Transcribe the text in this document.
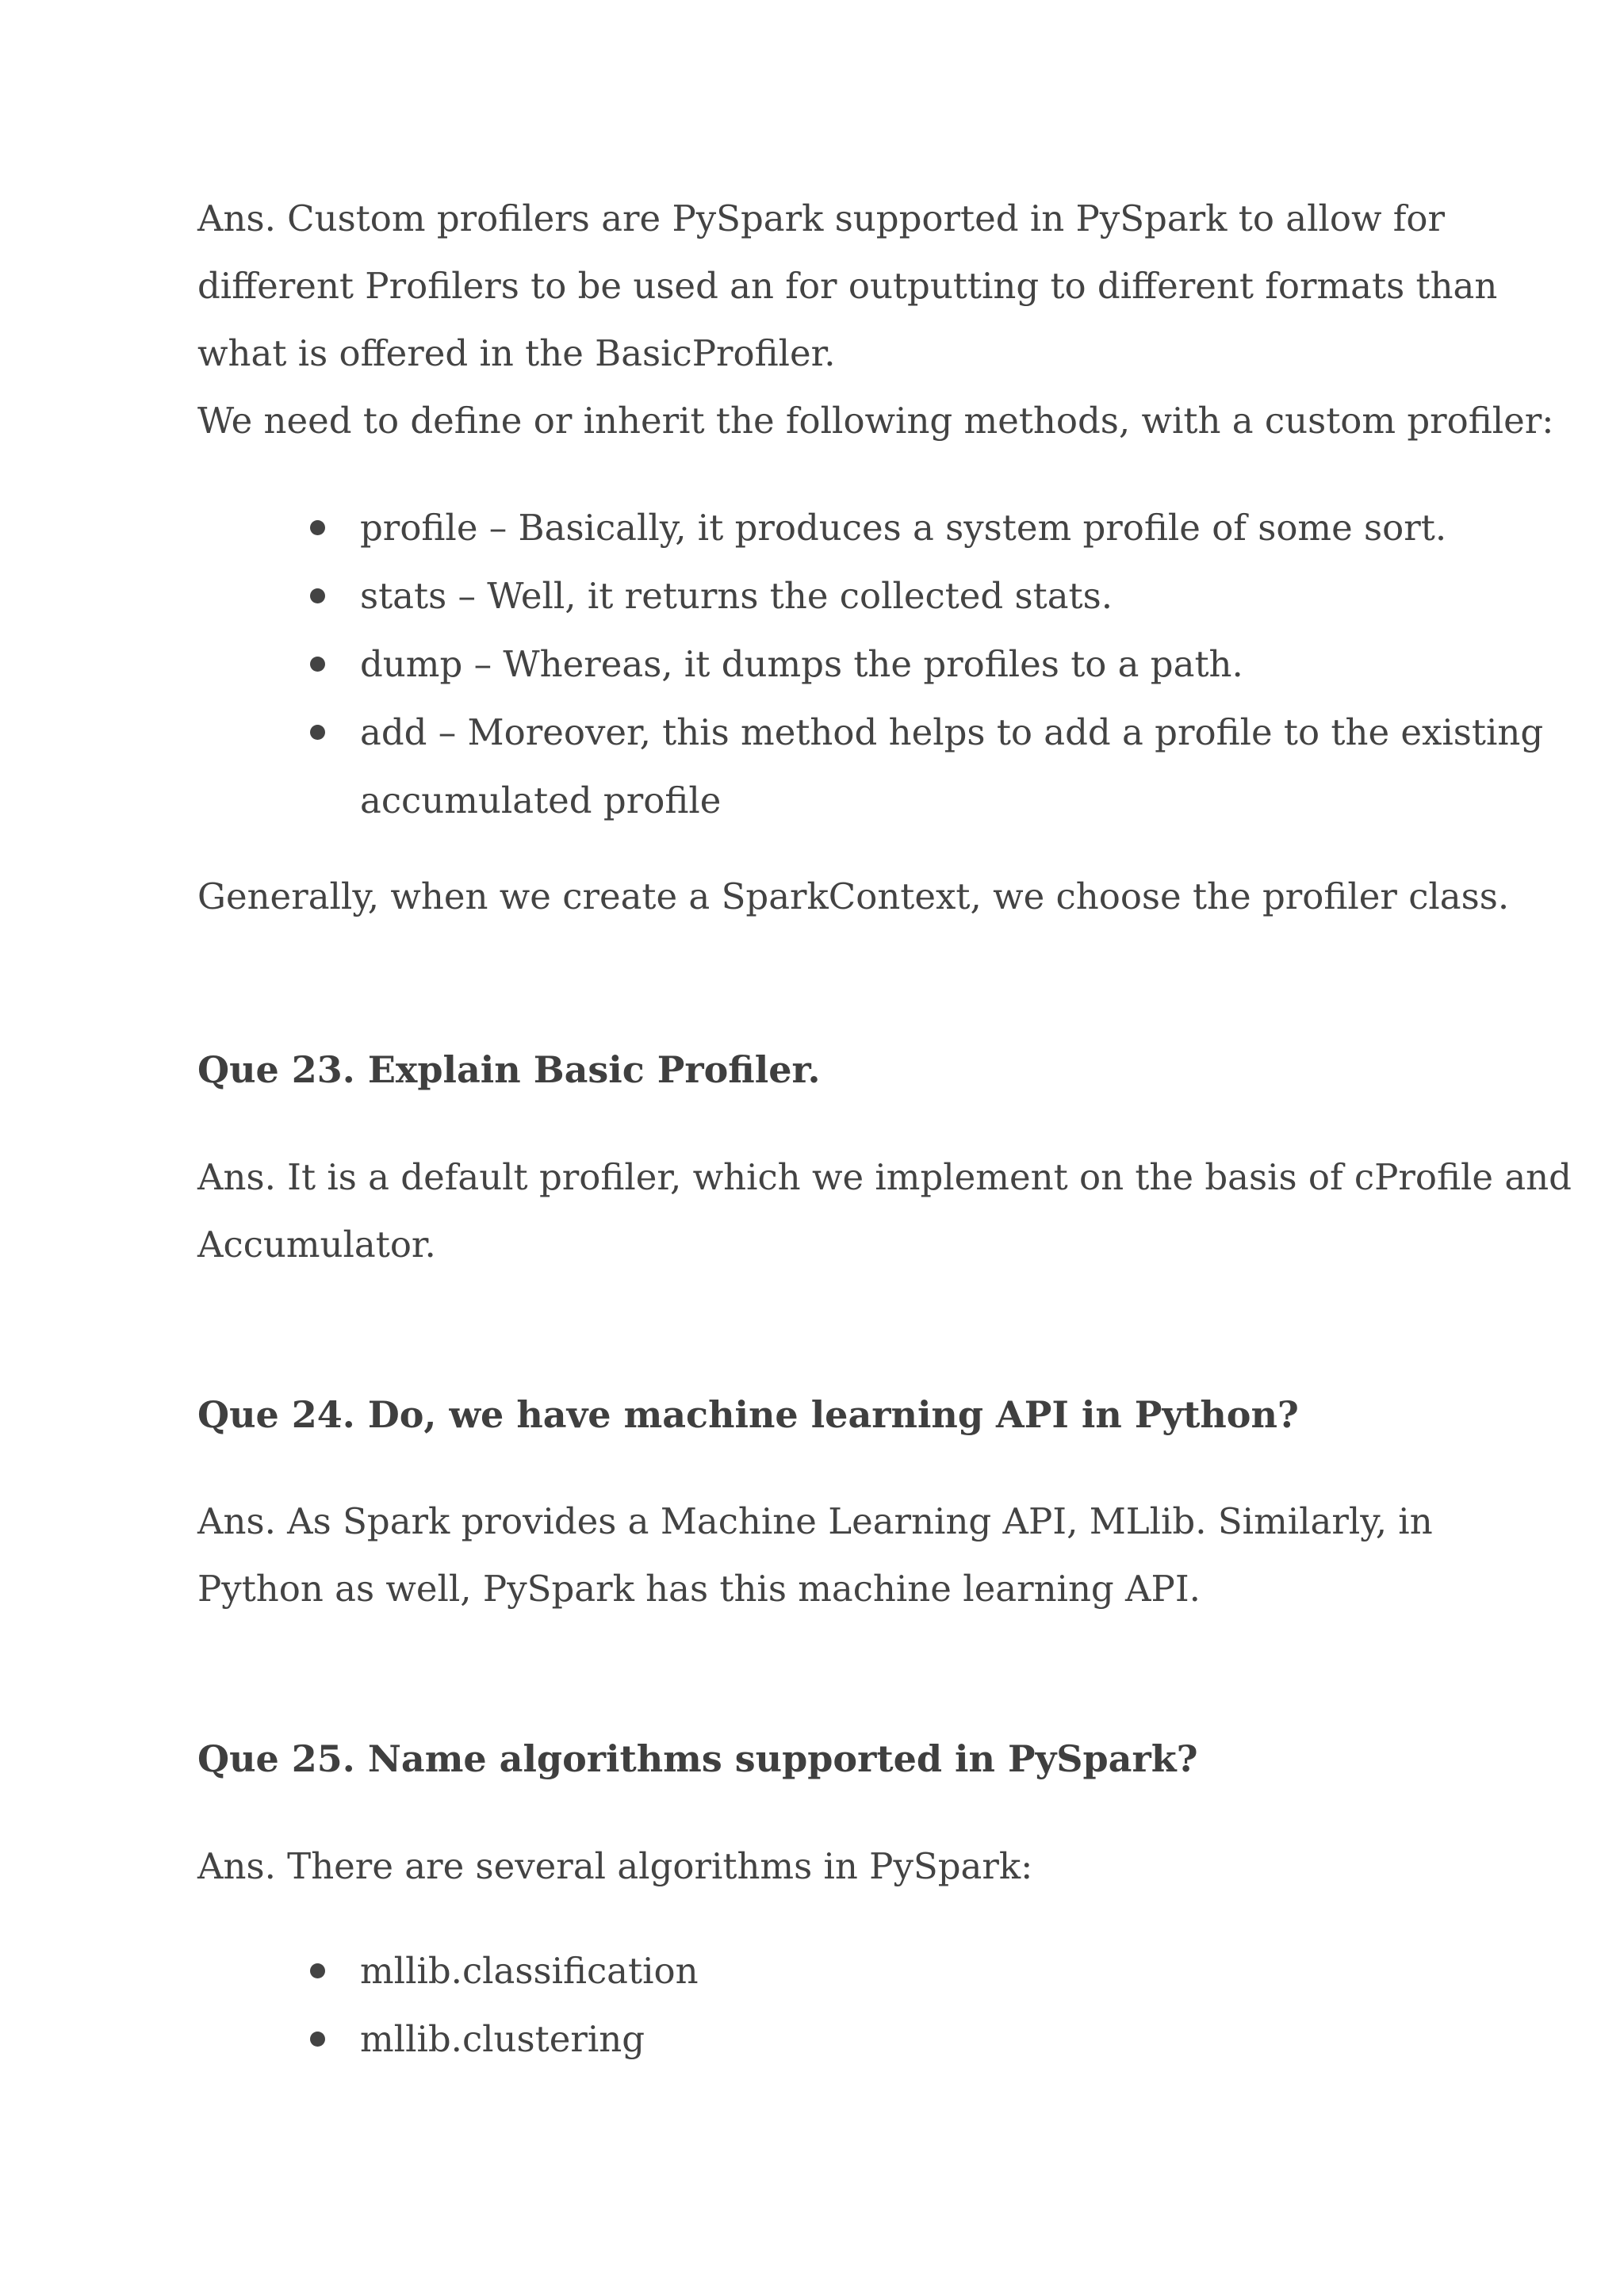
Ans. Custom profilers are PySpark supported in PySpark to allow for

different Profilers to be used an for outputting to different formats than

what is offered in the BasicProfiler.

We need to define or inherit the following methods, with a custom profiler:

profile – Basically, it produces a system profile of some sort.
stats – Well, it returns the collected stats.
dump – Whereas, it dumps the profiles to a path.
add – Moreover, this method helps to add a profile to the existing
accumulated profile

Generally, when we create a SparkContext, we choose the profiler class.

Que 23. Explain Basic Profiler.

Ans. It is a default profiler, which we implement on the basis of cProfile and

Accumulator.

Que 24. Do, we have machine learning API in Python?

Ans. As Spark provides a Machine Learning API, MLlib. Similarly, in

Python as well, PySpark has this machine learning API.

Que 25. Name algorithms supported in PySpark?

Ans. There are several algorithms in PySpark:

mllib.classification
mllib.clustering
